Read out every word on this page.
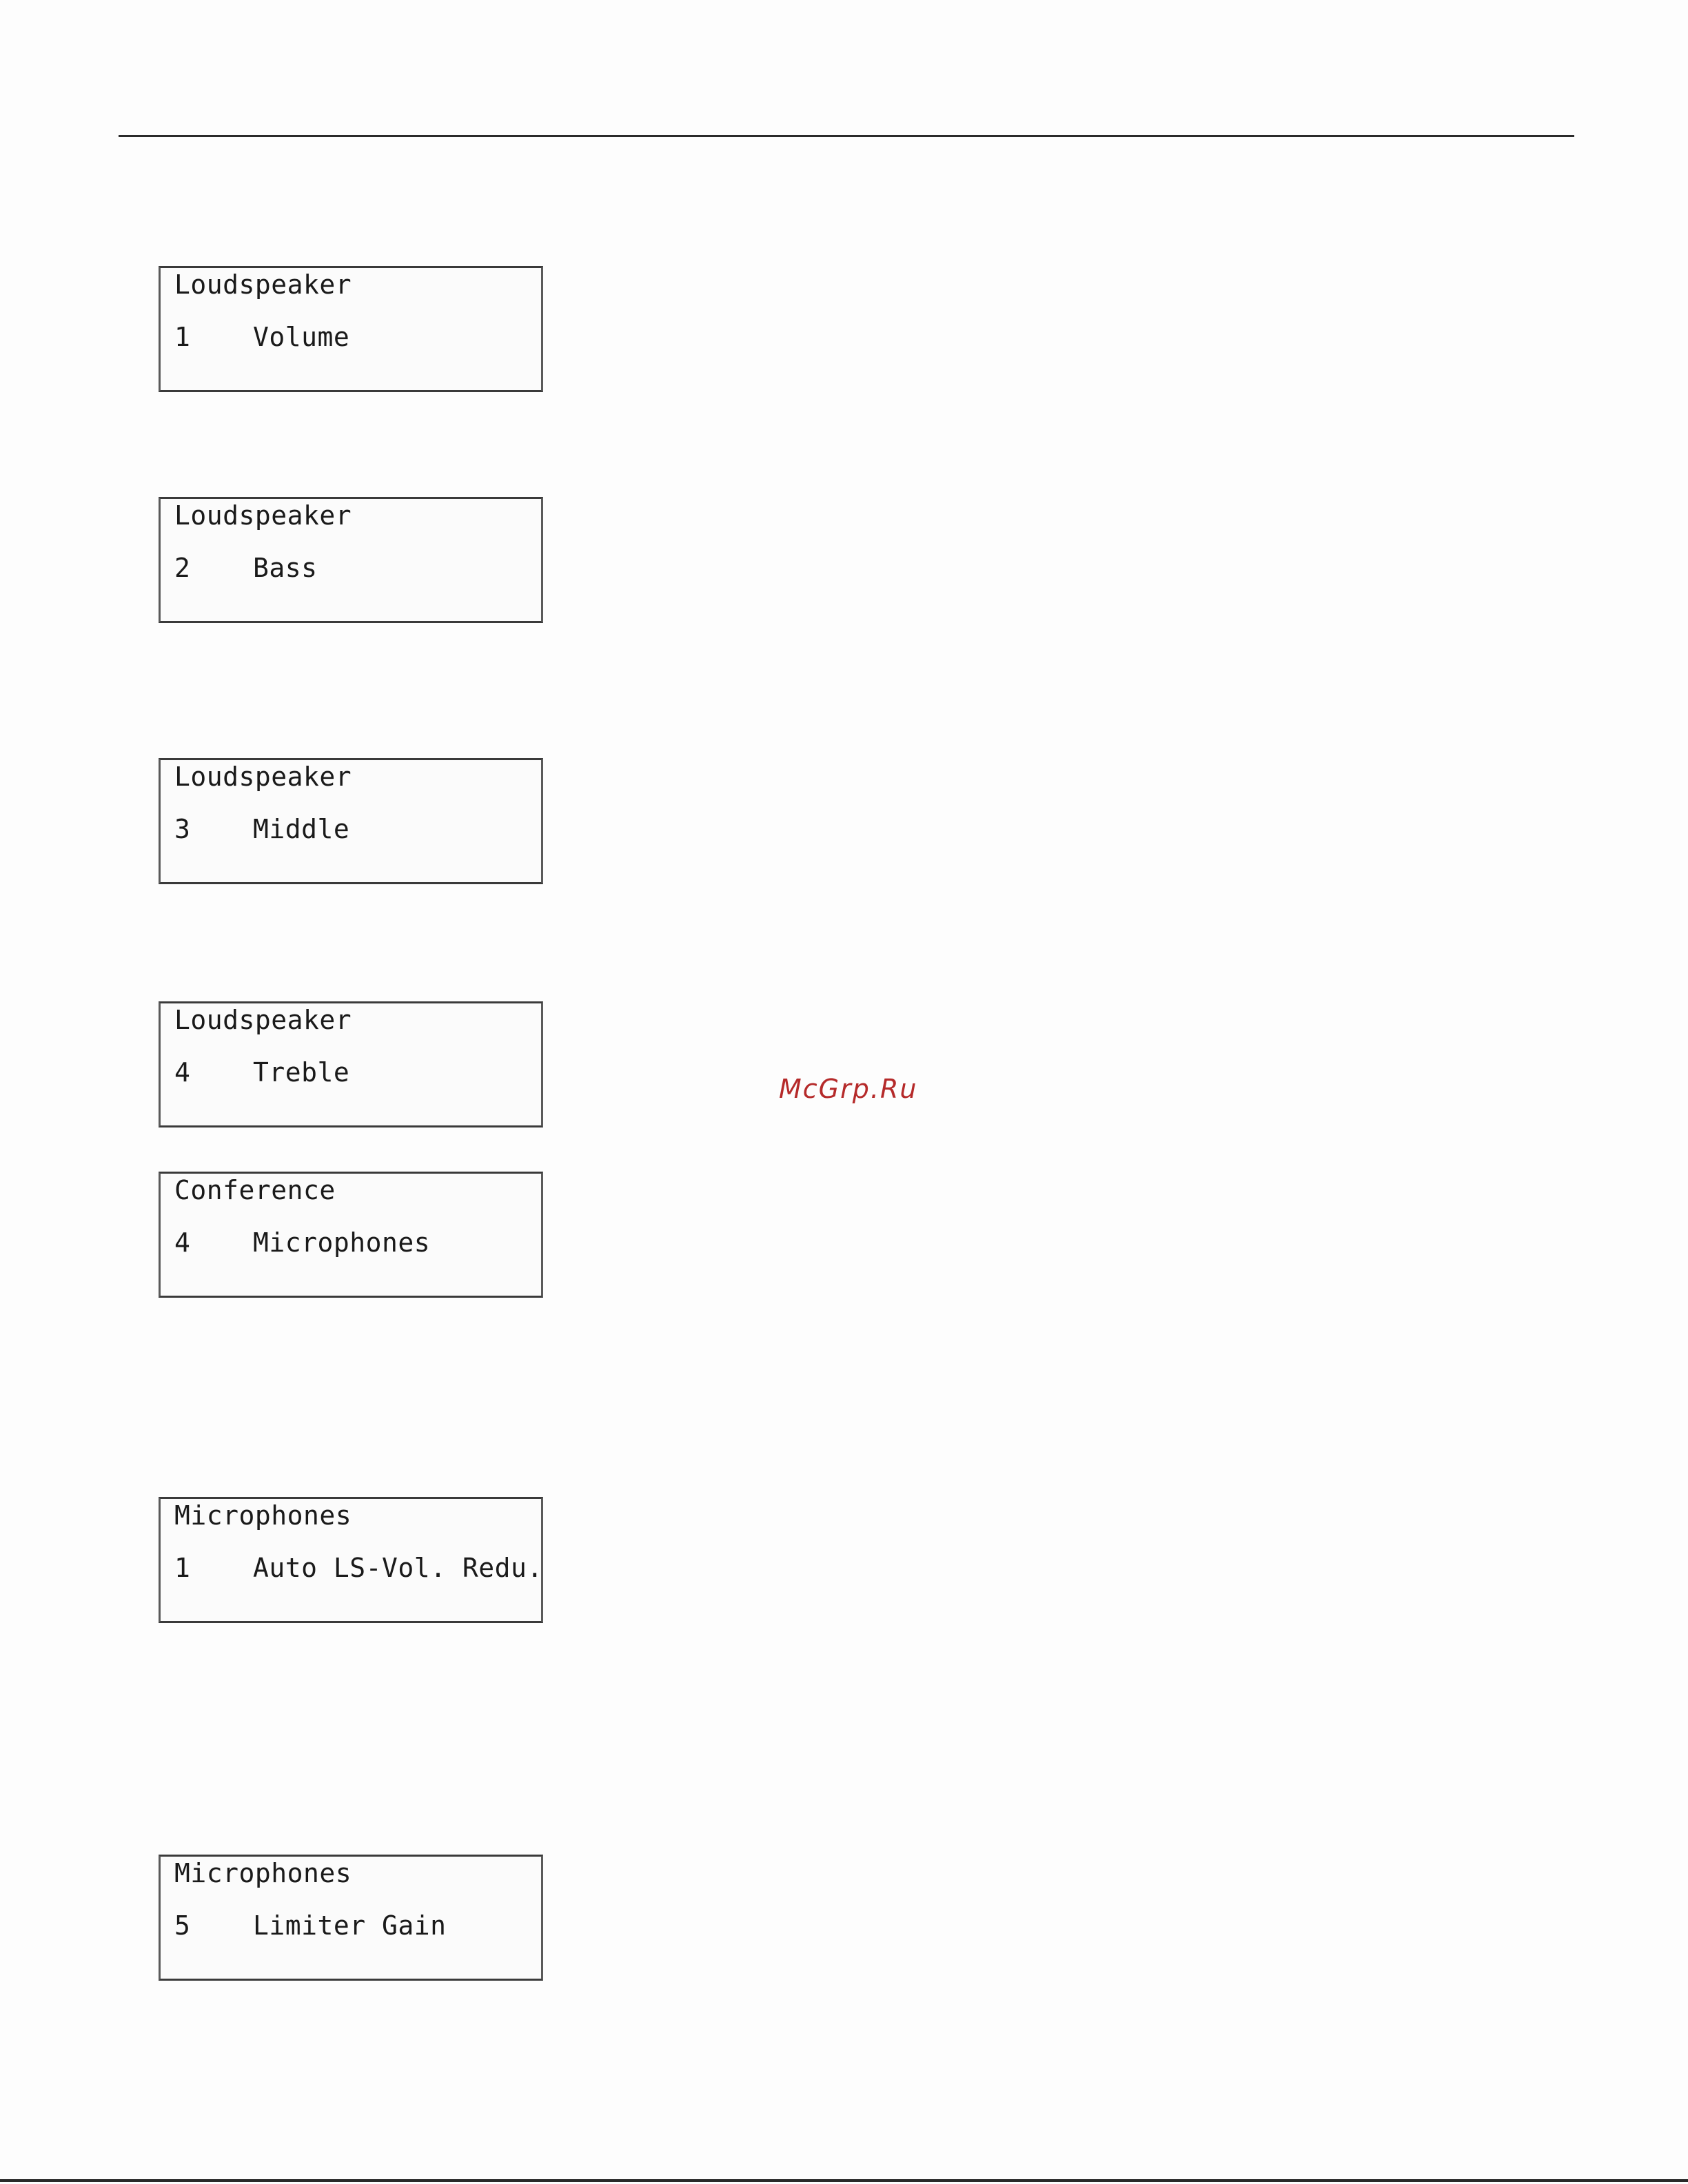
Loudspeaker
1 Volume
Loudspeaker
2 Bass
Loudspeaker
3 Middle
Loudspeaker
4 Treble
Conference
4 Microphones
Microphones
1 Auto LS-Vol. Redu.
Microphones
5 Limiter Gain
McGrp.Ru
